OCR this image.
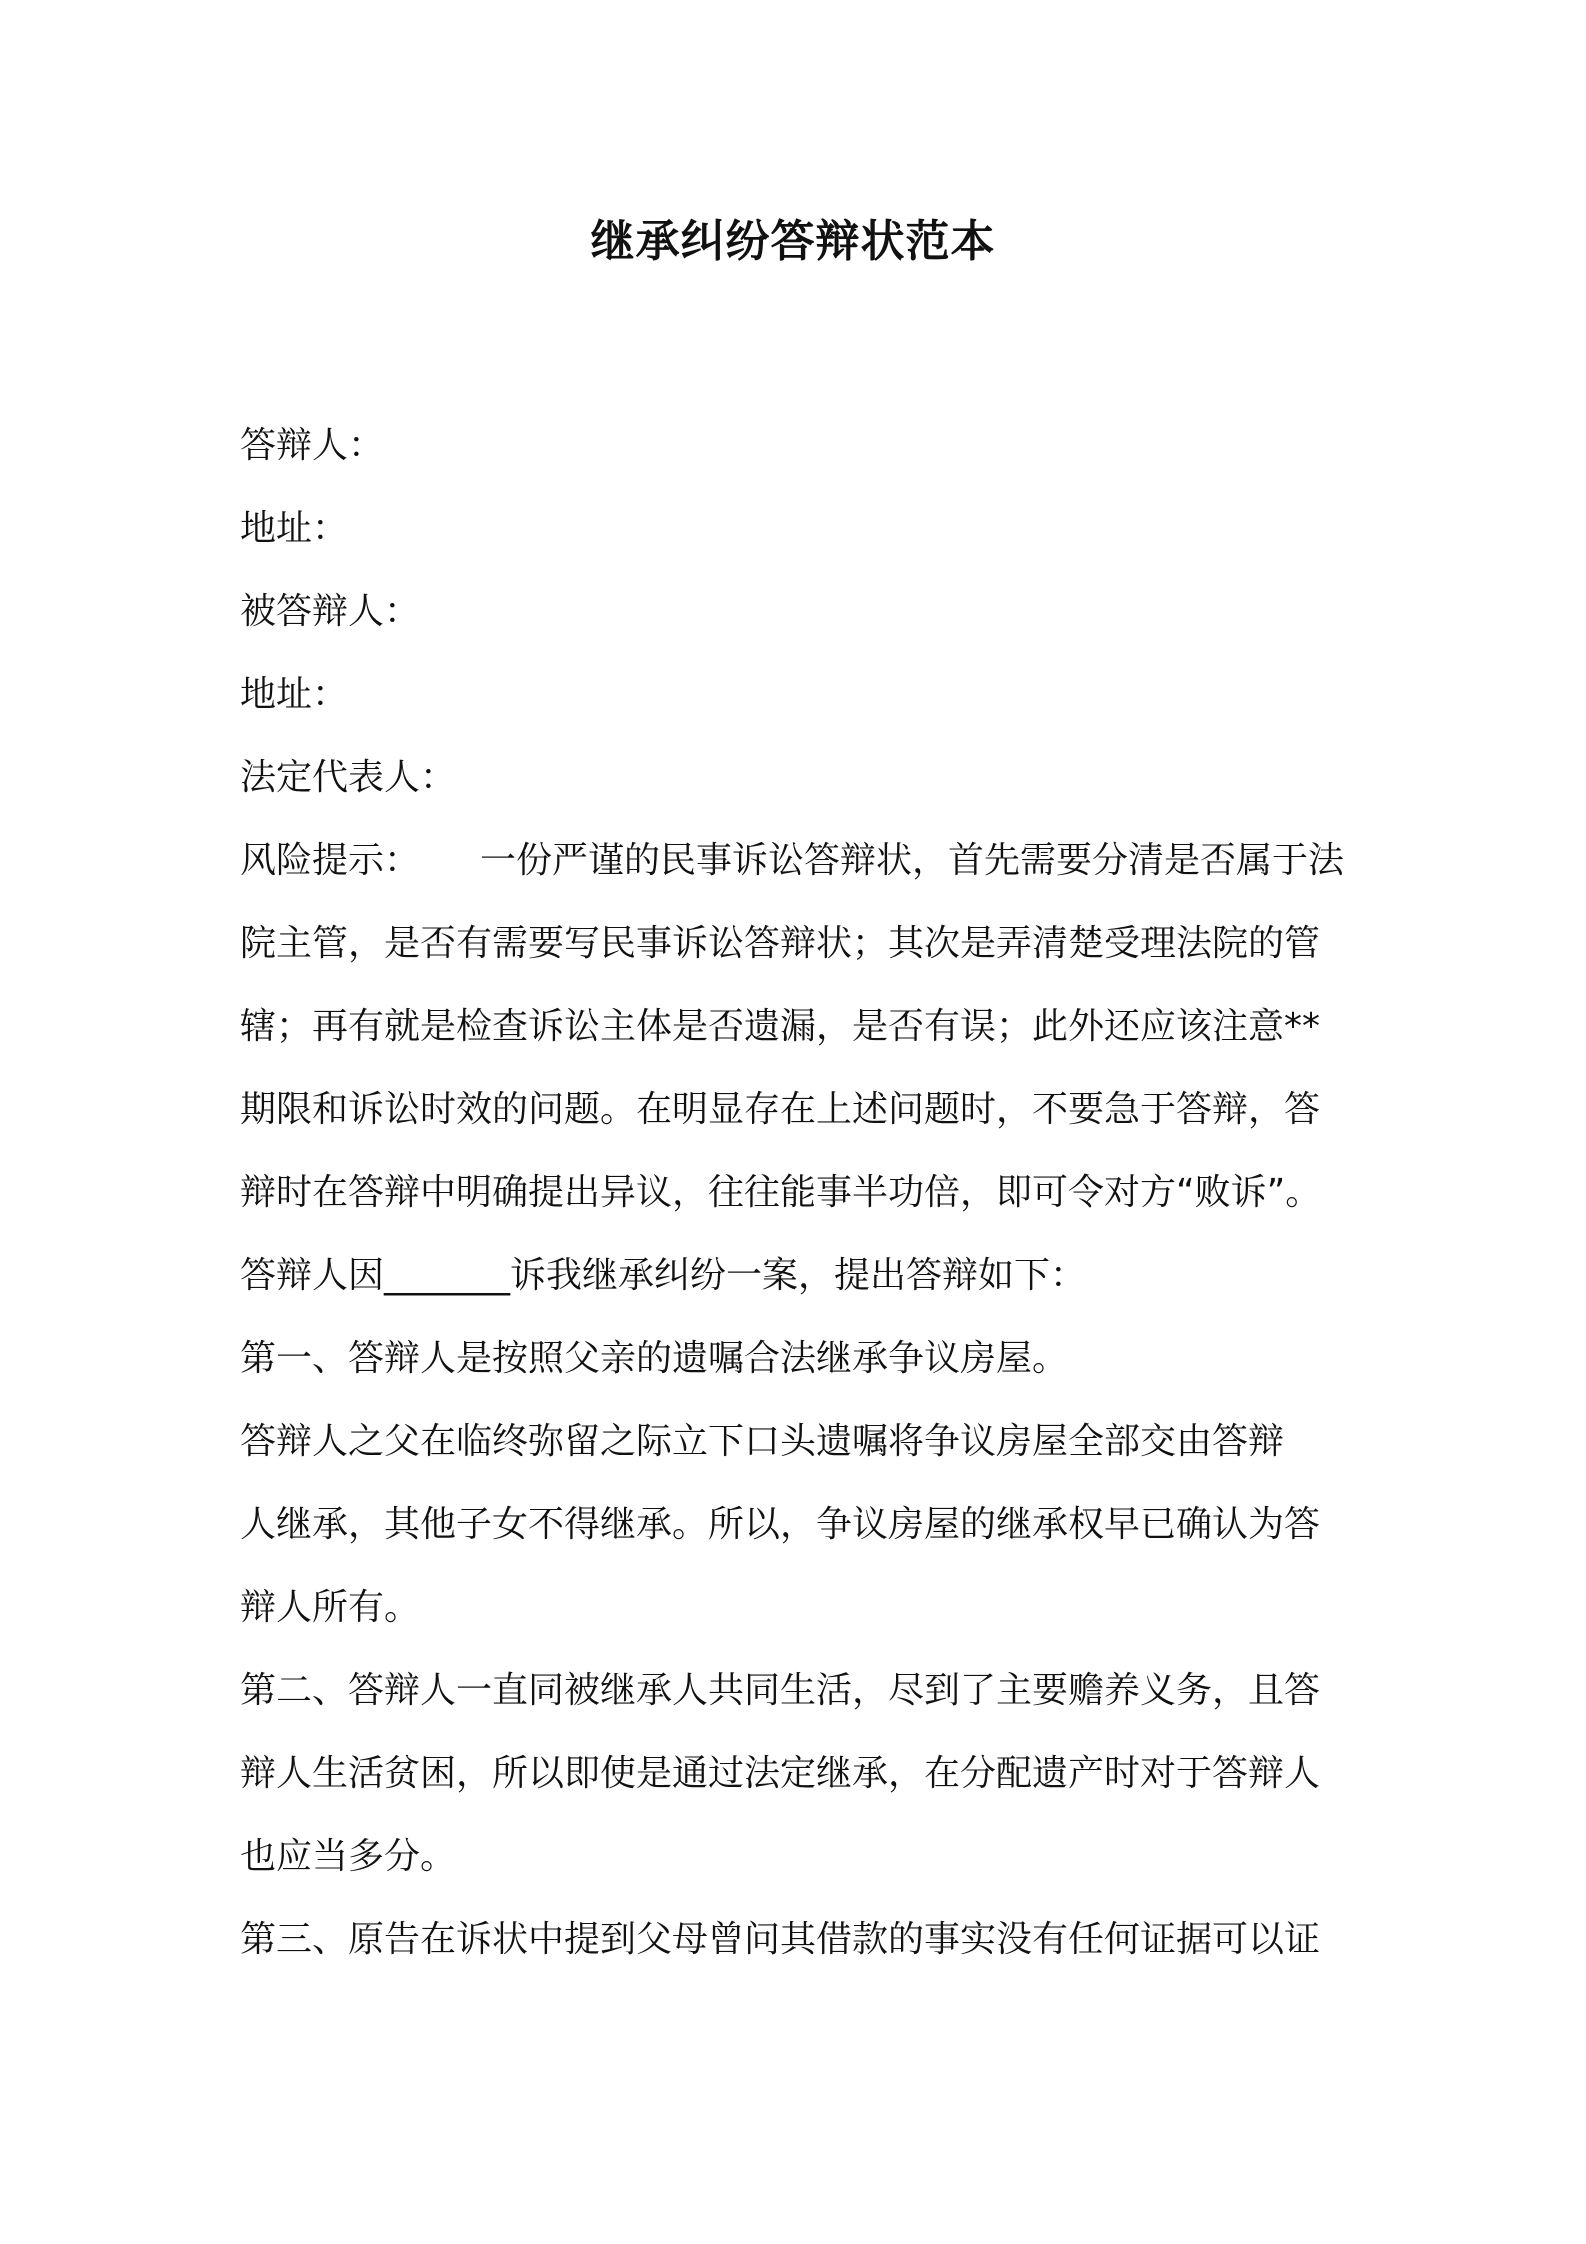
继承纠纷答辩状范本
答辩人：
地址：
被答辩人：
地址：
法定代表人：
风险提示： 一份严谨的民事诉讼答辩状，首先需要分清是否属于法
院主管，是否有需要写民事诉讼答辩状；其次是弄清楚受理法院的管
辖；再有就是检查诉讼主体是否遗漏，是否有误；此外还应该注意**
期限和诉讼时效的问题。在明显存在上述问题时，不要急于答辩，答
辩时在答辩中明确提出异议，往往能事半功倍，即可令对方“败诉”。
答辩人因_______诉我继承纠纷一案，提出答辩如下：
第一、答辩人是按照父亲的遗嘱合法继承争议房屋。
答辩人之父在临终弥留之际立下口头遗嘱将争议房屋全部交由答辩
人继承，其他子女不得继承。所以，争议房屋的继承权早已确认为答
辩人所有。
第二、答辩人一直同被继承人共同生活，尽到了主要赡养义务，且答
辩人生活贫困，所以即使是通过法定继承，在分配遗产时对于答辩人
也应当多分。
第三、原告在诉状中提到父母曾问其借款的事实没有任何证据可以证
